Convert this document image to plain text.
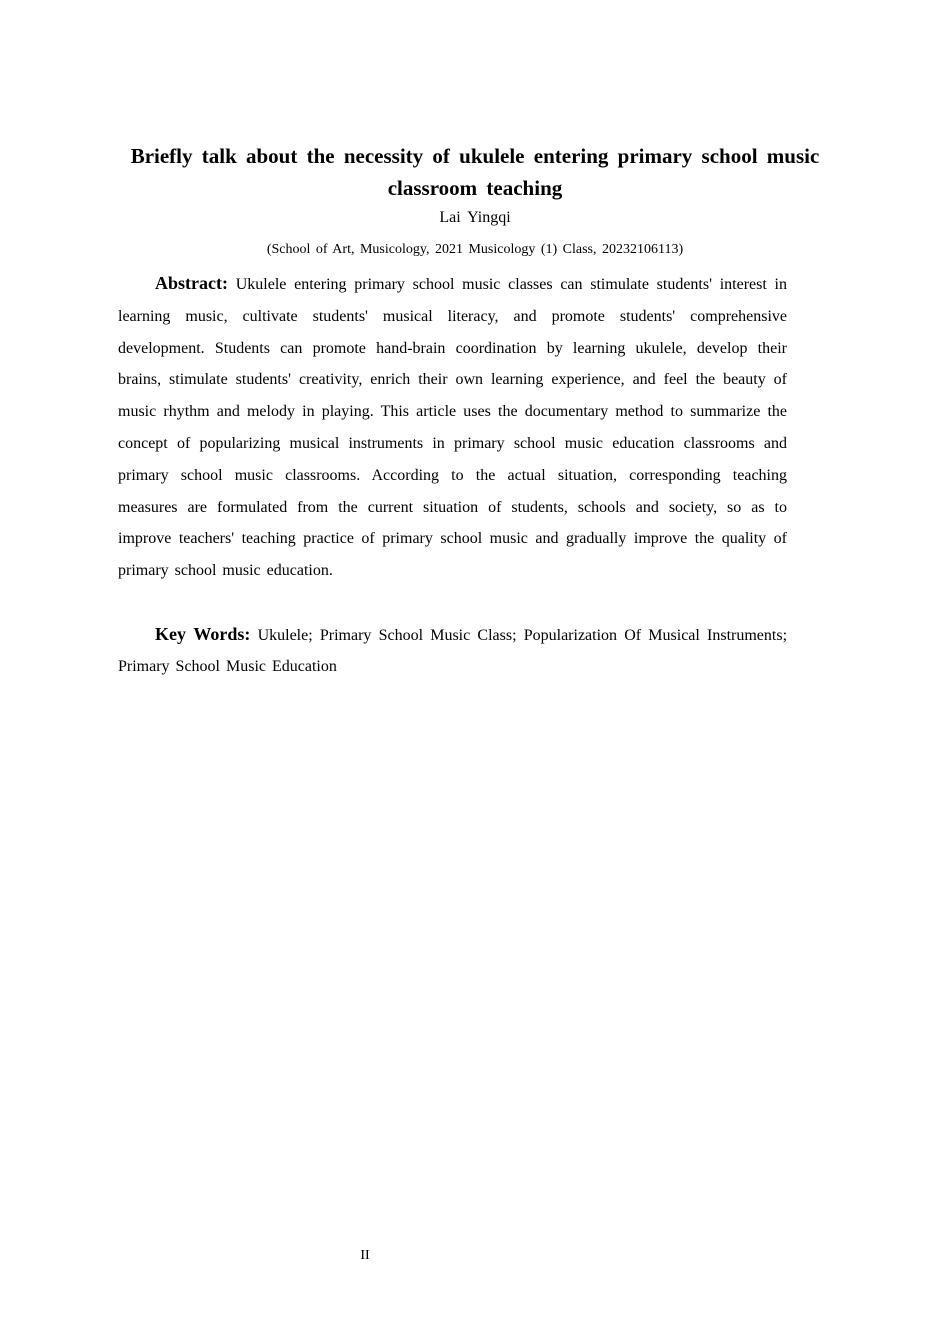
Briefly talk about the necessity of ukulele entering primary school music classroom teaching
Lai Yingqi
(School of Art, Musicology, 2021 Musicology (1) Class, 20232106113)

Abstract: Ukulele entering primary school music classes can stimulate students' interest in learning music, cultivate students' musical literacy, and promote students' comprehensive development. Students can promote hand-brain coordination by learning ukulele, develop their brains, stimulate students' creativity, enrich their own learning experience, and feel the beauty of music rhythm and melody in playing. This article uses the documentary method to summarize the concept of popularizing musical instruments in primary school music education classrooms and primary school music classrooms. According to the actual situation, corresponding teaching measures are formulated from the current situation of students, schools and society, so as to improve teachers' teaching practice of primary school music and gradually improve the quality of primary school music education.

Key Words: Ukulele; Primary School Music Class; Popularization Of Musical Instruments; Primary School Music Education

II
